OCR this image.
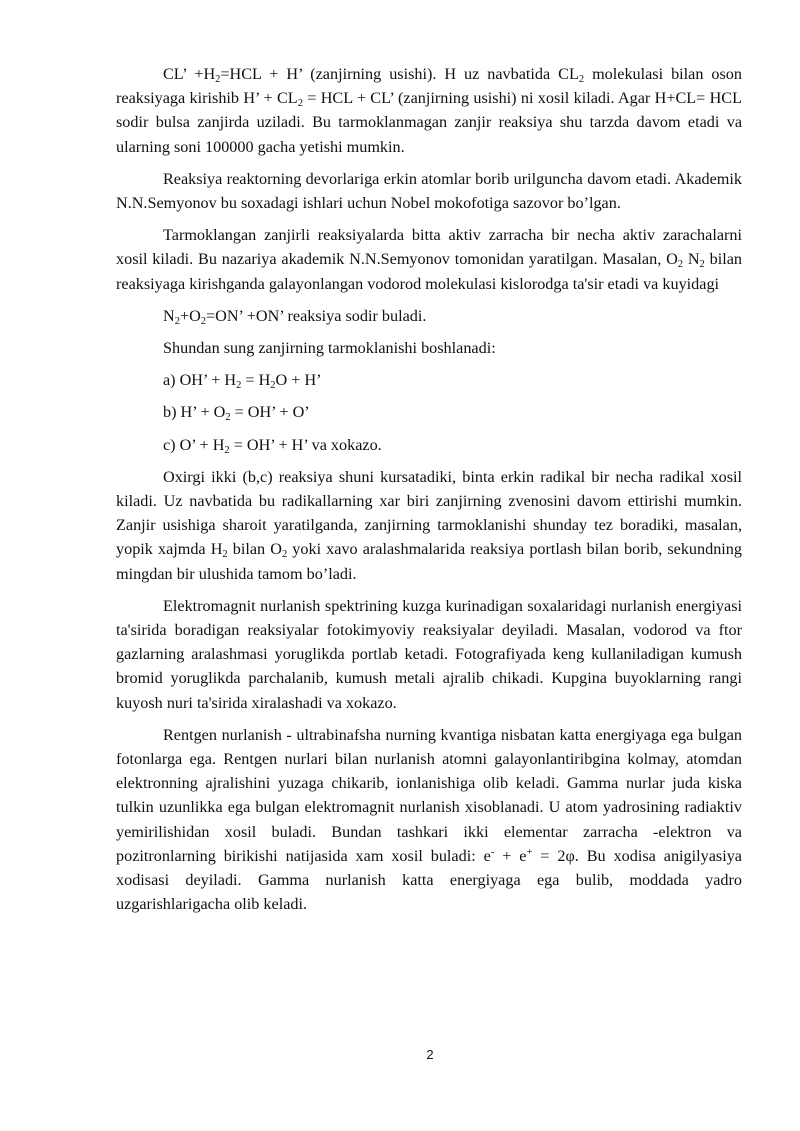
CL’ $+H_2=HCL + H$’ (zanjirning usishi). H uz navbatida $CL_2$ molekulasi bilan oson reaksiyaga kirishib H’ + $CL_2$ = HCL + CL’ (zanjirning usishi) ni xosil kiladi. Agar H+CL= HCL sodir bulsa zanjirda uziladi. Bu tarmoklanmagan zanjir reaksiya shu tarzda davom etadi va ularning soni 100000 gacha yetishi mumkin.

Reaksiya reaktorning devorlariga erkin atomlar borib urilguncha davom etadi. Akademik N.N.Semyonov bu soxadagi ishlari uchun Nobel mokofotiga sazovor bo’lgan.

Tarmoklangan zanjirli reaksiyalarda bitta aktiv zarracha bir necha aktiv zarachalarni xosil kiladi. Bu nazariya akademik N.N.Semyonov tomonidan yaratilgan. Masalan, $O_2$ $N_2$ bilan reaksiyaga kirishganda galayonlangan vodorod molekulasi kislorodga ta'sir etadi va kuyidagi

$N_2+O_2=ON$’ +ON’ reaksiya sodir buladi.

Shundan sung zanjirning tarmoklanishi boshlanadi:

a) OH’ + $H_2 = H_2O + H$’

b) H’ + $O_2$ = OH’ + O’

c) O’ + $H_2$ = OH’ + H’ va xokazo.

Oxirgi ikki (b,c) reaksiya shuni kursatadiki, binta erkin radikal bir necha radikal xosil kiladi. Uz navbatida bu radikallarning xar biri zanjirning zvenosini davom ettirishi mumkin. Zanjir usishiga sharoit yaratilganda, zanjirning tarmoklanishi shunday tez boradiki, masalan, yopik xajmda $H_2$ bilan $O_2$ yoki xavo aralashmalarida reaksiya portlash bilan borib, sekundning mingdan bir ulushida tamom bo’ladi.

Elektromagnit nurlanish spektrining kuzga kurinadigan soxalaridagi nurlanish energiyasi ta'sirida boradigan reaksiyalar fotokimyoviy reaksiyalar deyiladi. Masalan, vodorod va ftor gazlarning aralashmasi yoruglikda portlab ketadi. Fotografiyada keng kullaniladigan kumush bromid yoruglikda parchalanib, kumush metali ajralib chikadi. Kupgina buyoklarning rangi kuyosh nuri ta'sirida xiralashadi va xokazo.

Rentgen nurlanish - ultrabinafsha nurning kvantiga nisbatan katta energiyaga ega bulgan fotonlarga ega. Rentgen nurlari bilan nurlanish atomni galayonlantiribgina kolmay, atomdan elektronning ajralishini yuzaga chikarib, ionlanishiga olib keladi. Gamma nurlar juda kiska tulkin uzunlikka ega bulgan elektromagnit nurlanish xisoblanadi. U atom yadrosining radiaktiv yemirilishidan xosil buladi. Bundan tashkari ikki elementar zarracha -elektron va pozitronlarning birikishi natijasida xam xosil buladi: e- + e+ = 2φ. Bu xodisa anigilyasiya xodisasi deyiladi. Gamma nurlanish katta energiyaga ega bulib, moddada yadro uzgarishlarigacha olib keladi.

2
